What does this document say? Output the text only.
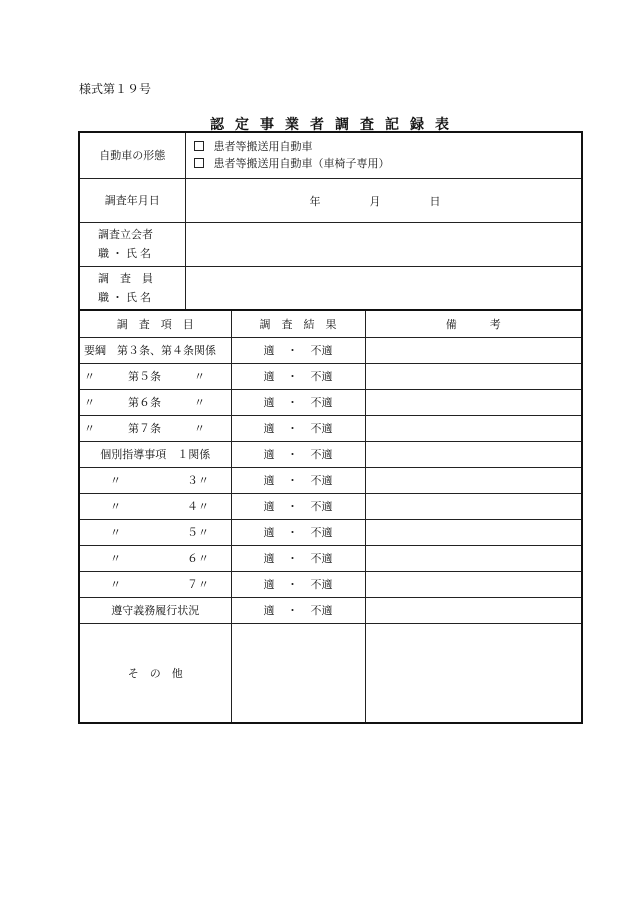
様式第１９号
認定事業者調査記録表
自動車の形態	患者等搬送用自動車
患者等搬送用自動車（車椅子専用）		

調査年月日	年 月 日		

調査立会者
職・氏名			

調　査　員
職・氏名			

調　査　項　目		調　査　結　果	備　　　考
要綱　第３条、第４条関係		適 ・ 不適	
〃　　　第５条　　　〃		適 ・ 不適	
〃　　　第６条　　　〃		適 ・ 不適	
〃　　　第７条　　　〃		適 ・ 不適	
個別指導事項　１関係		適 ・ 不適	
〃　　　　　　３〃		適 ・ 不適	
〃　　　　　　４〃		適 ・ 不適	
〃　　　　　　５〃		適 ・ 不適	
〃　　　　　　６〃		適 ・ 不適	
〃　　　　　　７〃		適 ・ 不適	
遵守義務履行状況		適 ・ 不適	
そ　の　他			
